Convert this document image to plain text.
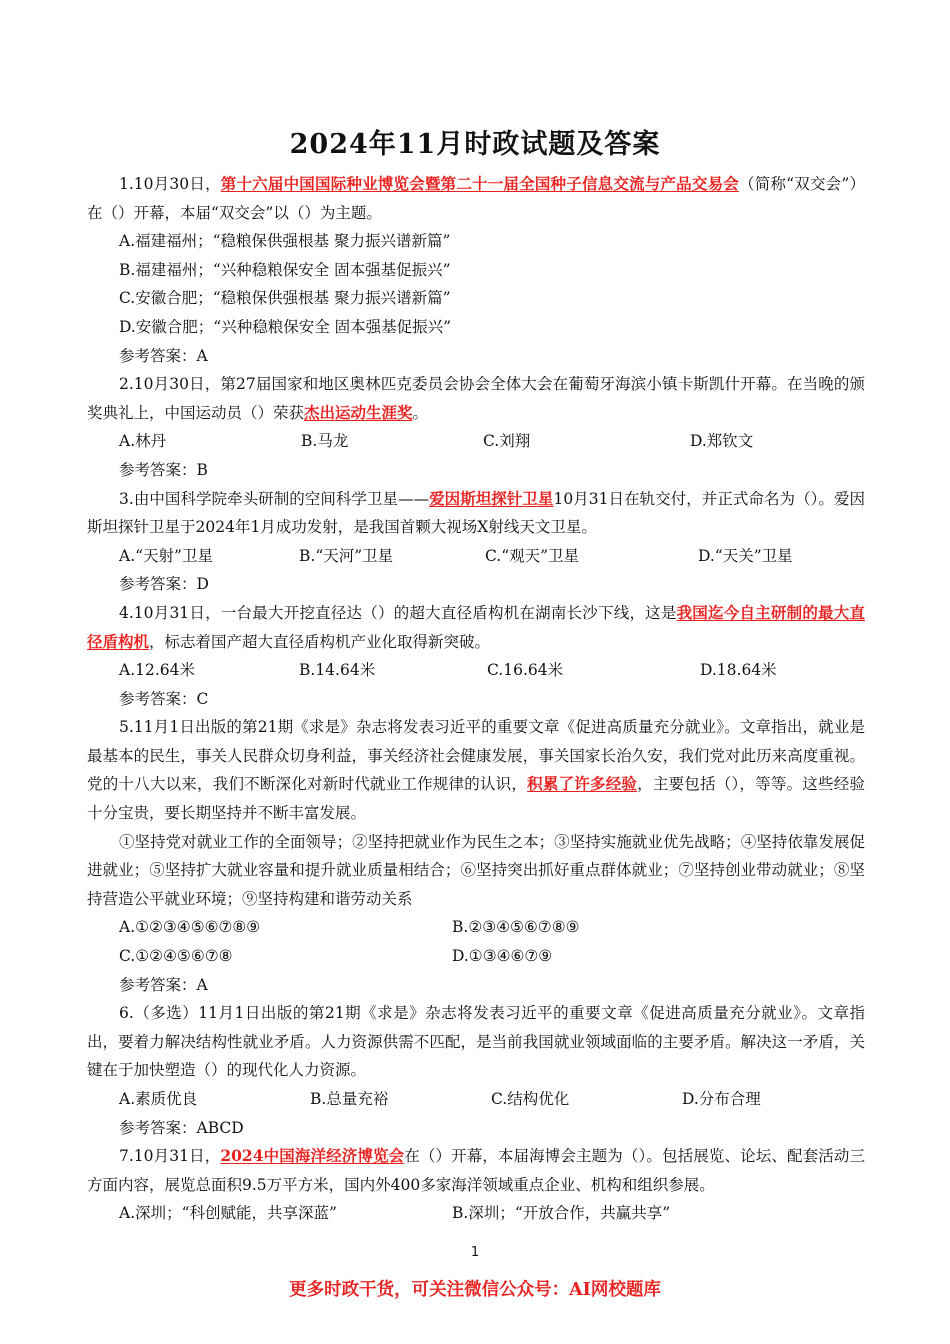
2024年11月时政试题及答案

1.10月30日，第十六届中国国际种业博览会暨第二十一届全国种子信息交流与产品交易会（简称“双交会”）在（）开幕，本届“双交会”以（）为主题。

A.福建福州；“稳粮保供强根基 聚力振兴谱新篇”
B.福建福州；“兴种稳粮保安全 固本强基促振兴”
C.安徽合肥；“稳粮保供强根基 聚力振兴谱新篇”
D.安徽合肥；“兴种稳粮保安全 固本强基促振兴”
参考答案：A

2.10月30日，第27届国家和地区奥林匹克委员会协会全体大会在葡萄牙海滨小镇卡斯凯什开幕。在当晚的颁奖典礼上，中国运动员（）荣获杰出运动生涯奖。

A.林丹	B.马龙	C.刘翔	D.郑钦文
参考答案：B

3.由中国科学院牵头研制的空间科学卫星——爱因斯坦探针卫星10月31日在轨交付，并正式命名为（）。爱因斯坦探针卫星于2024年1月成功发射，是我国首颗大视场X射线天文卫星。

A.“天射”卫星	B.“天河”卫星	C.“观天”卫星	D.“天关”卫星
参考答案：D

4.10月31日，一台最大开挖直径达（）的超大直径盾构机在湖南长沙下线，这是我国迄今自主研制的最大直径盾构机，标志着国产超大直径盾构机产业化取得新突破。

A.12.64米	B.14.64米	C.16.64米	D.18.64米
参考答案：C

5.11月1日出版的第21期《求是》杂志将发表习近平的重要文章《促进高质量充分就业》。文章指出，就业是最基本的民生，事关人民群众切身利益，事关经济社会健康发展，事关国家长治久安，我们党对此历来高度重视。党的十八大以来，我们不断深化对新时代就业工作规律的认识，积累了许多经验，主要包括（），等等。这些经验十分宝贵，要长期坚持并不断丰富发展。

①坚持党对就业工作的全面领导；②坚持把就业作为民生之本；③坚持实施就业优先战略；④坚持依靠发展促进就业；⑤坚持扩大就业容量和提升就业质量相结合；⑥坚持突出抓好重点群体就业；⑦坚持创业带动就业；⑧坚持营造公平就业环境；⑨坚持构建和谐劳动关系

A.①②③④⑤⑥⑦⑧⑨	B.②③④⑤⑥⑦⑧⑨
C.①②④⑤⑥⑦⑧	D.①③④⑥⑦⑨
参考答案：A

6.（多选）11月1日出版的第21期《求是》杂志将发表习近平的重要文章《促进高质量充分就业》。文章指出，要着力解决结构性就业矛盾。人力资源供需不匹配，是当前我国就业领域面临的主要矛盾。解决这一矛盾，关键在于加快塑造（）的现代化人力资源。

A.素质优良	B.总量充裕	C.结构优化	D.分布合理
参考答案：ABCD

7.10月31日，2024中国海洋经济博览会在（）开幕，本届海博会主题为（）。包括展览、论坛、配套活动三方面内容，展览总面积9.5万平方米，国内外400多家海洋领域重点企业、机构和组织参展。

A.深圳；“科创赋能，共享深蓝”	B.深圳；“开放合作，共赢共享”
1
更多时政干货，可关注微信公众号：AI网校题库
